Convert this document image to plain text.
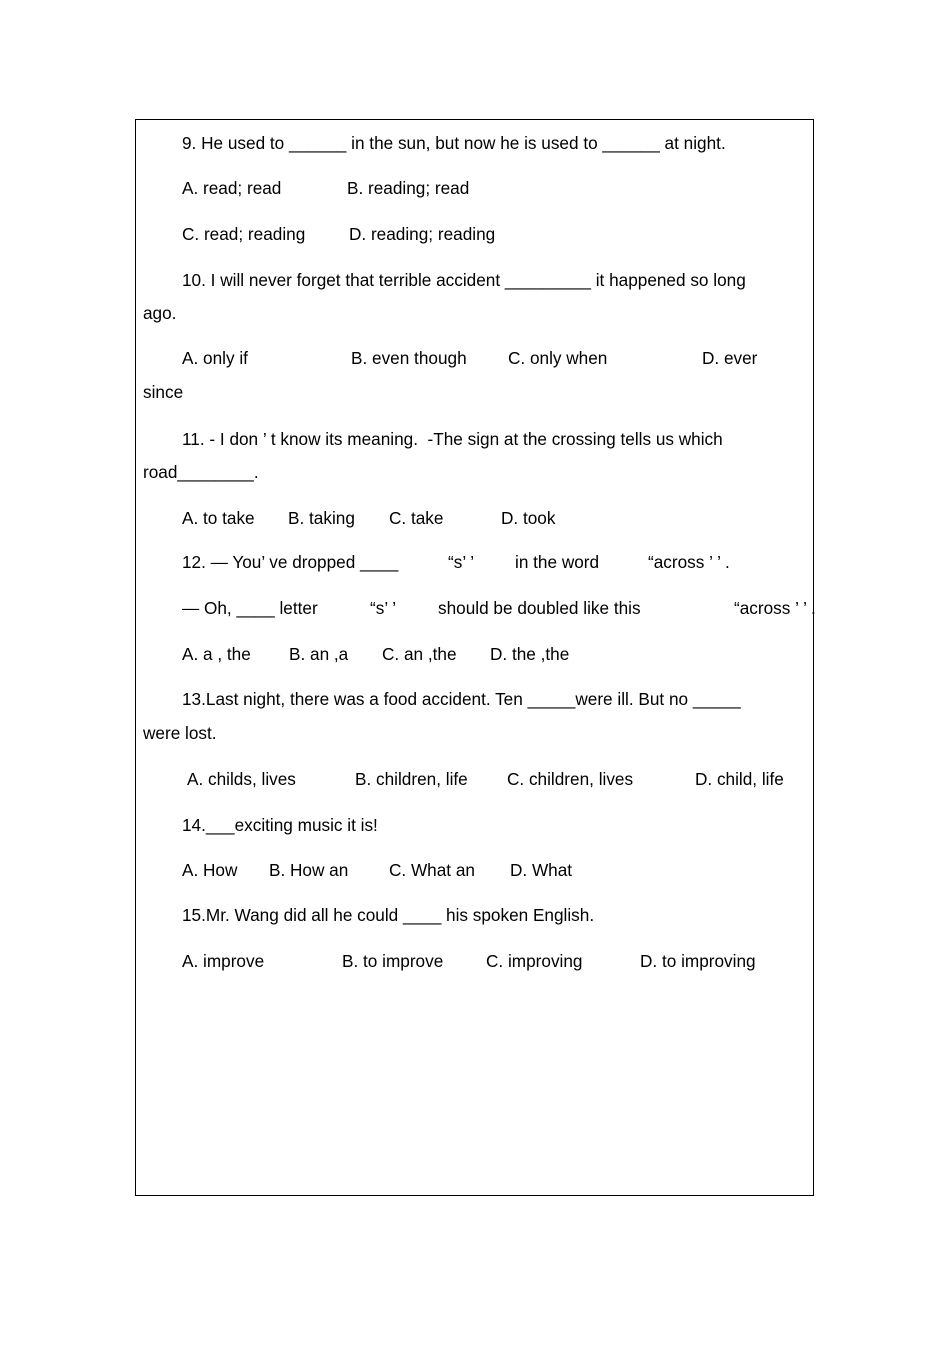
9. He used to ______ in the sun, but now he is used to ______ at night.
A. read; read	B. reading; read
C. read; reading	D. reading; reading
10. I will never forget that terrible accident _________ it happened so long
ago.
A. only if	B. even though C. only when	D. ever
since
11. - I don ’ t know its meaning.  -The sign at the crossing tells us which
road________.
A. to take B. taking C. take	D. took
12. — You’ ve dropped ____	“s’ ’ in the word	“across ’ ’ .
— Oh, ____ letter	“s’ ’ should be doubled like this	“across ’ ’ .
A. a , the B. an ,a C. an ,the D. the ,the
13.Last night, there was a food accident. Ten _____were ill. But no _____
were lost.
A. childs, lives	B. children, life C. children, lives	D. child, life
14.___exciting music it is!
A. How B. How an C. What an D. What
15.Mr. Wang did all he could ____ his spoken English.
A. improve	B. to improve C. improving	D. to improving
